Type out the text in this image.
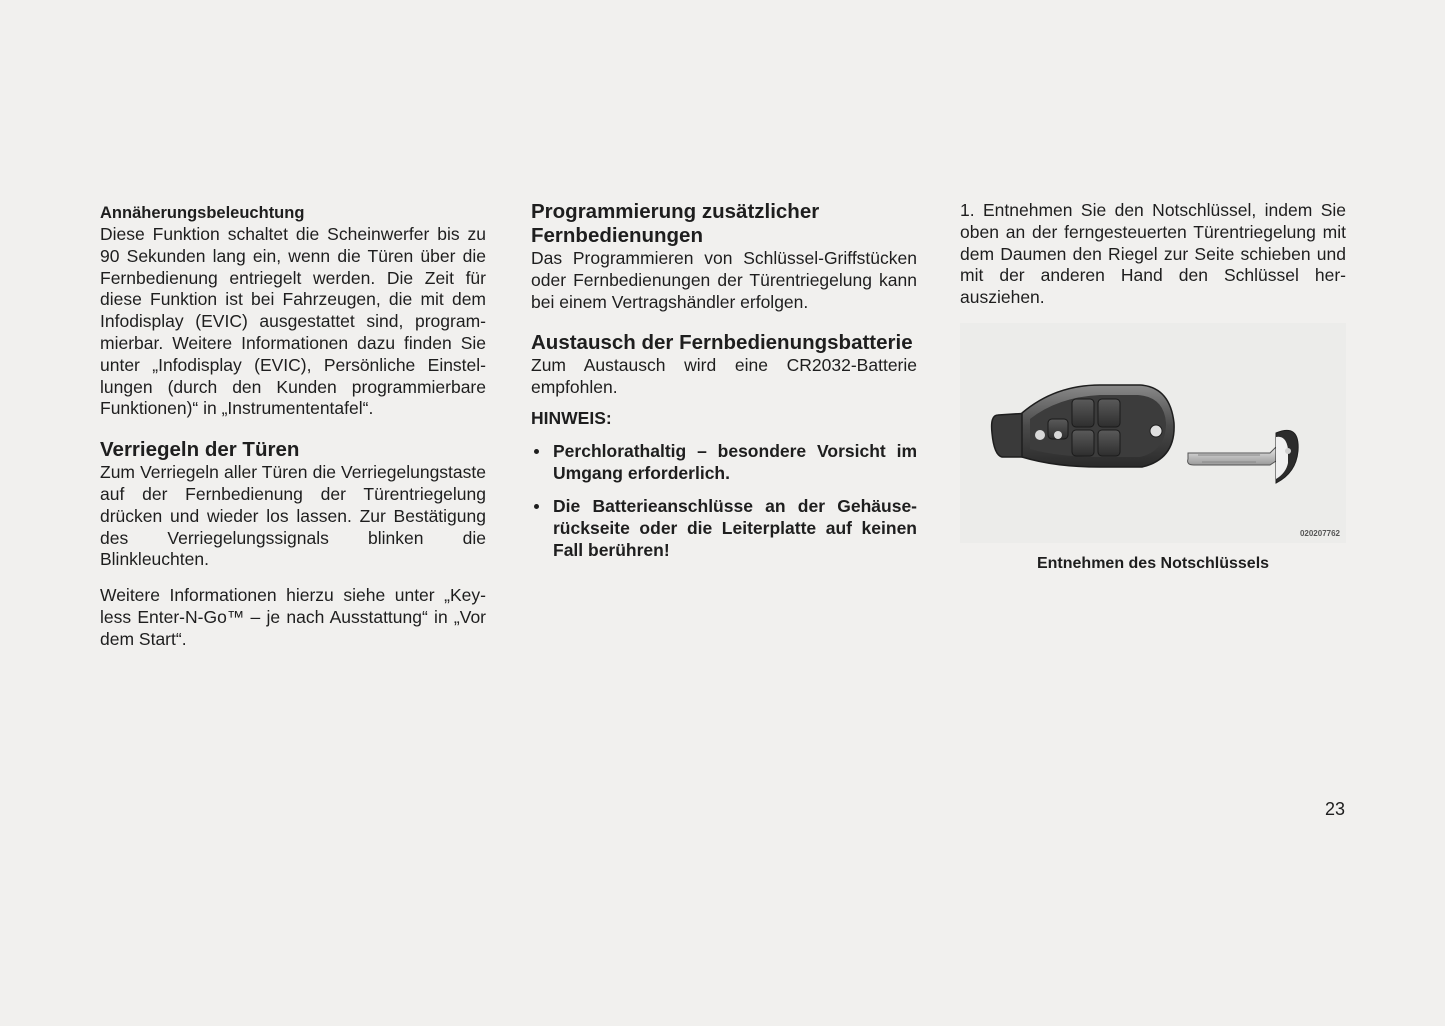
Annäherungsbeleuchtung

Diese Funktion schaltet die Scheinwerfer bis zu 90 Sekunden lang ein, wenn die Türen über die Fernbedienung entriegelt werden. Die Zeit für diese Funktion ist bei Fahrzeugen, die mit dem Infodisplay (EVIC) ausgestattet sind, programmierbar. Weitere Informationen dazu finden Sie unter „Infodisplay (EVIC), Persönliche Einstellungen (durch den Kunden programmierbare Funktionen)“ in „Instrumententafel“.

Verriegeln der Türen

Zum Verriegeln aller Türen die Verriegelungstaste auf der Fernbedienung der Türentriegelung drücken und wieder los lassen. Zur Bestätigung des Verriegelungssignals blinken die Blinkleuchten.

Weitere Informationen hierzu siehe unter „Keyless Enter-N-Go™ – je nach Ausstattung“ in „Vor dem Start“.

Programmierung zusätzlicher Fernbedienungen

Das Programmieren von Schlüssel-Griffstücken oder Fernbedienungen der Türentriegelung kann bei einem Vertragshändler erfolgen.

Austausch der Fernbedienungsbatterie

Zum Austausch wird eine CR2032-Batterie empfohlen.

HINWEIS:
Perchlorathaltig – besondere Vorsicht im Umgang erforderlich.
Die Batterieanschlüsse an der Gehäuserückseite oder die Leiterplatte auf keinen Fall berühren!

1. Entnehmen Sie den Notschlüssel, indem Sie oben an der ferngesteuerten Türentriegelung mit dem Daumen den Riegel zur Seite schieben und mit der anderen Hand den Schlüssel herausziehen.

020207762
Entnehmen des Notschlüssels
23
